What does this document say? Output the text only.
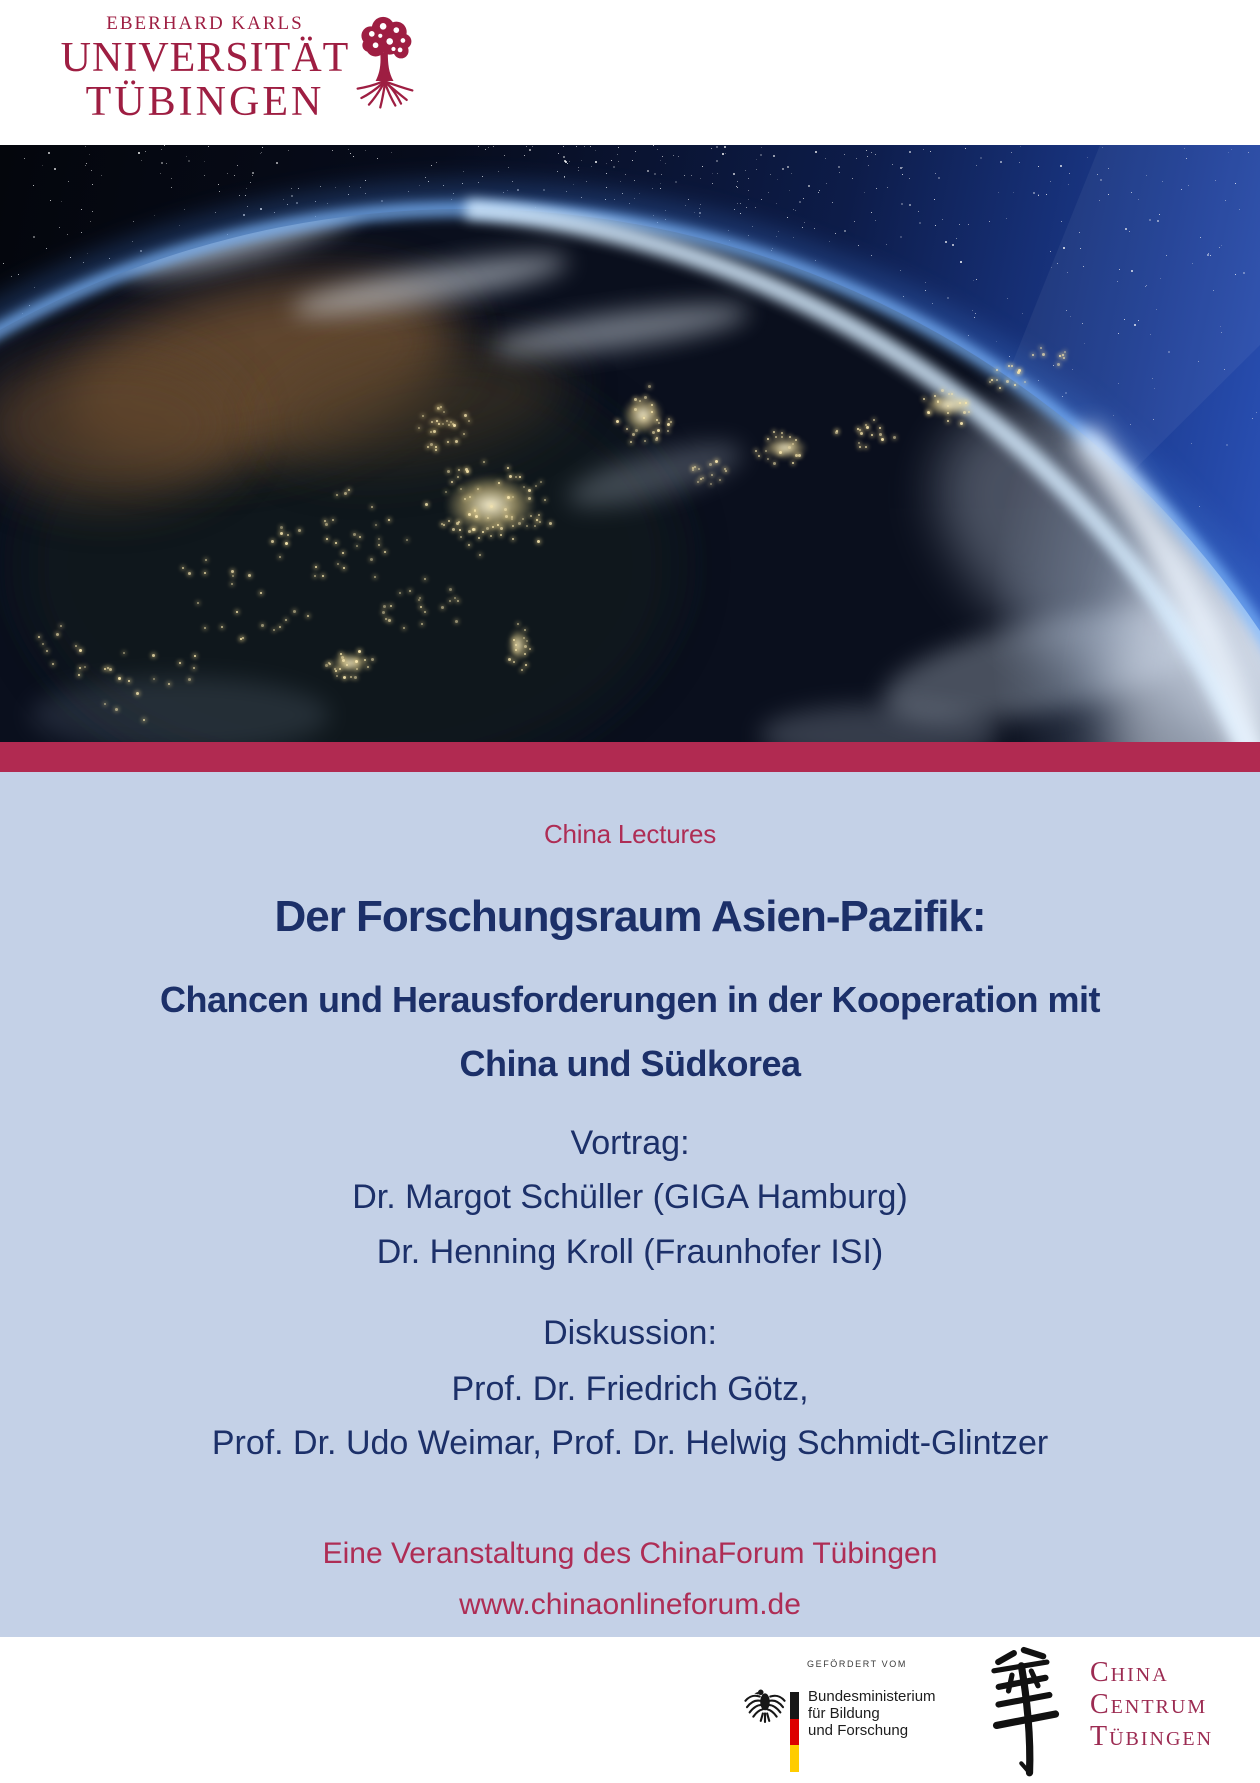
EBERHARD KARLS
UNIVERSITÄT
TÜBINGEN
China Lectures
Der Forschungsraum Asien-Pazifik:
Chancen und Herausforderungen in der Kooperation mit
China und Südkorea
Vortrag:
Dr. Margot Schüller (GIGA Hamburg)
Dr. Henning Kroll (Fraunhofer ISI)
Diskussion:
Prof. Dr. Friedrich Götz,
Prof. Dr. Udo Weimar, Prof. Dr. Helwig Schmidt-Glintzer
Eine Veranstaltung des ChinaForum Tübingen
www.chinaonlineforum.de
GEFÖRDERT VOM
Bundesministerium
für Bildung
und Forschung
China
Centrum
Tübingen
